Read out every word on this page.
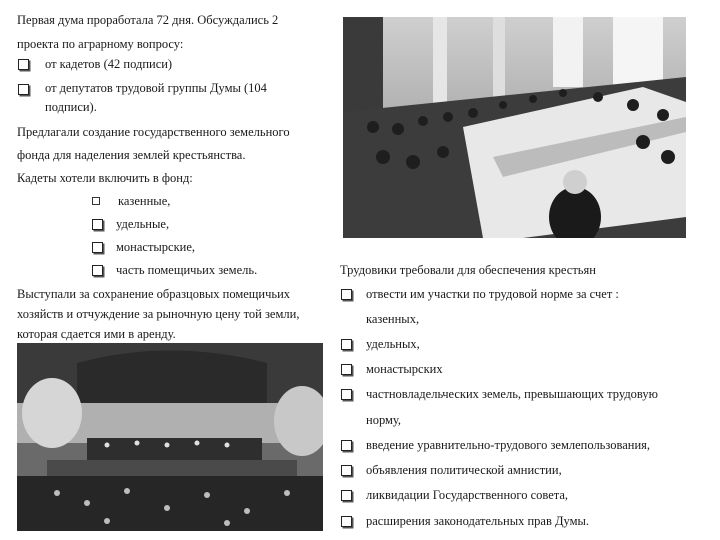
Первая дума проработала 72 дня. Обсуждались 2
проекта по аграрному вопросу:
от кадетов (42 подписи)
от депутатов трудовой группы Думы (104
подписи).
Предлагали создание государственного земельного
фонда для наделения землей крестьянства.
Кадеты хотели включить в фонд:
казенные,
удельные,
монастырские,
часть помещичьих земель.
Выступали за сохранение образцовых помещичьих
хозяйств и отчуждение за рыночную цену той земли,
которая сдается ими в аренду.
Трудовики требовали для обеспечения крестьян
отвести им участки по трудовой норме за счет :
казенных,
удельных,
монастырских
частновладельческих земель, превышающих трудовую
норму,
введение уравнительно-трудового землепользования,
объявления политической амнистии,
ликвидации Государственного совета,
расширения законодательных прав Думы.
